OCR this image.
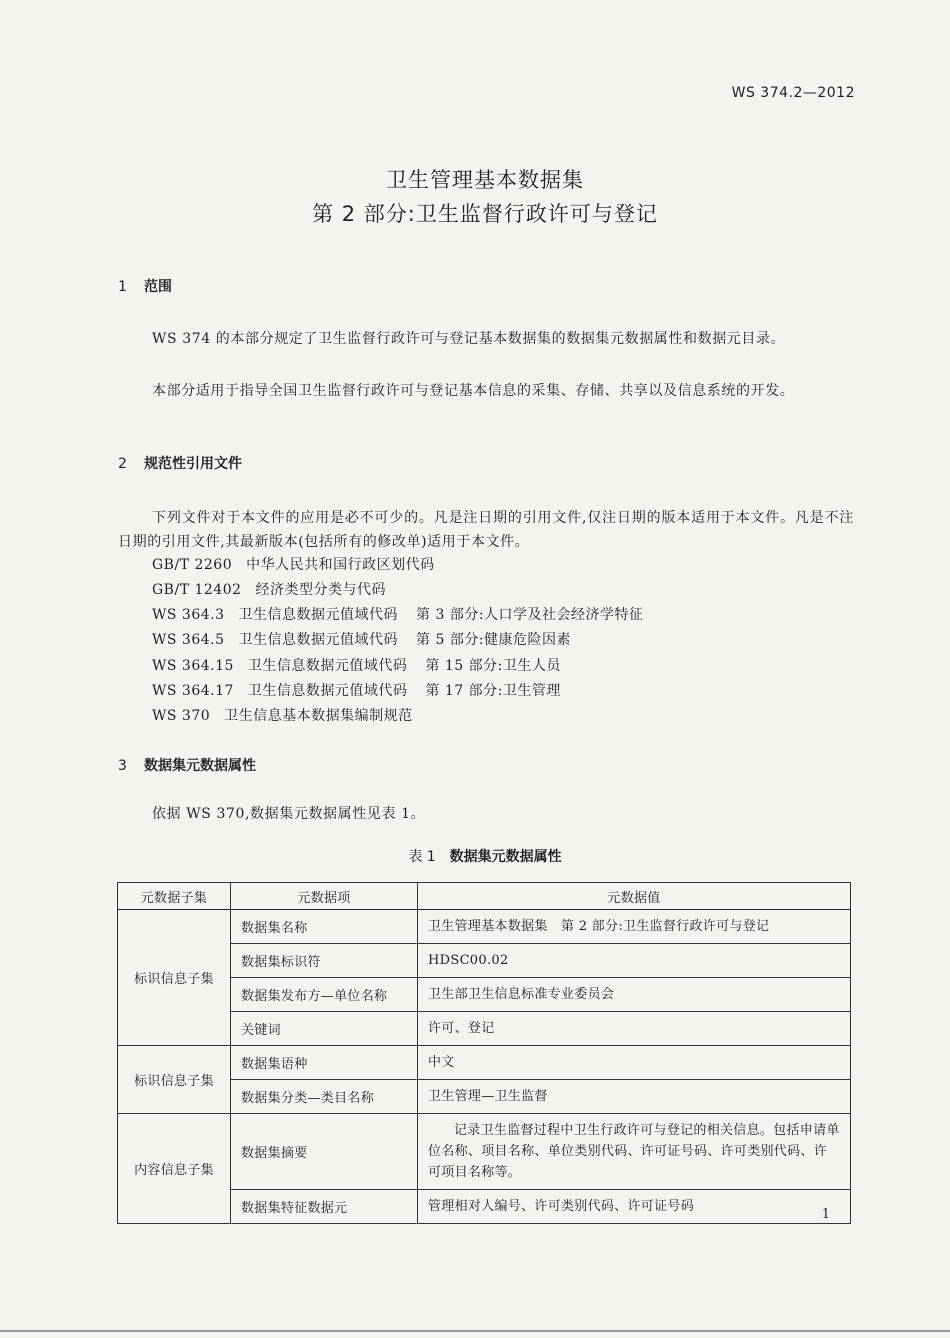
WS 374.2—2012
卫生管理基本数据集
第 2 部分:卫生监督行政许可与登记
1 范围
WS 374 的本部分规定了卫生监督行政许可与登记基本数据集的数据集元数据属性和数据元目录。
本部分适用于指导全国卫生监督行政许可与登记基本信息的采集、存储、共享以及信息系统的开发。
2 规范性引用文件
下列文件对于本文件的应用是必不可少的。凡是注日期的引用文件,仅注日期的版本适用于本文件。凡是不注日期的引用文件,其最新版本(包括所有的修改单)适用于本文件。
GB/T 2260 中华人民共和国行政区划代码
GB/T 12402 经济类型分类与代码
WS 364.3 卫生信息数据元值域代码 第 3 部分:人口学及社会经济学特征
WS 364.5 卫生信息数据元值域代码 第 5 部分:健康危险因素
WS 364.15 卫生信息数据元值域代码 第 15 部分:卫生人员
WS 364.17 卫生信息数据元值域代码 第 17 部分:卫生管理
WS 370 卫生信息基本数据集编制规范
3 数据集元数据属性
依据 WS 370,数据集元数据属性见表 1。
表 1 数据集元数据属性
元数据子集	元数据项	元数据值
标识信息子集	数据集名称	卫生管理基本数据集　第 2 部分:卫生监督行政许可与登记
	数据集标识符	HDSC00.02
	数据集发布方—单位名称	卫生部卫生信息标准专业委员会
	关键词	许可、登记
标识信息子集	数据集语种	中文
	数据集分类—类目名称	卫生管理—卫生监督
内容信息子集	数据集摘要	记录卫生监督过程中卫生行政许可与登记的相关信息。包括申请单位名称、项目名称、单位类别代码、许可证号码、许可类别代码、许可项目名称等。
	数据集特征数据元	管理相对人编号、许可类别代码、许可证号码
1
